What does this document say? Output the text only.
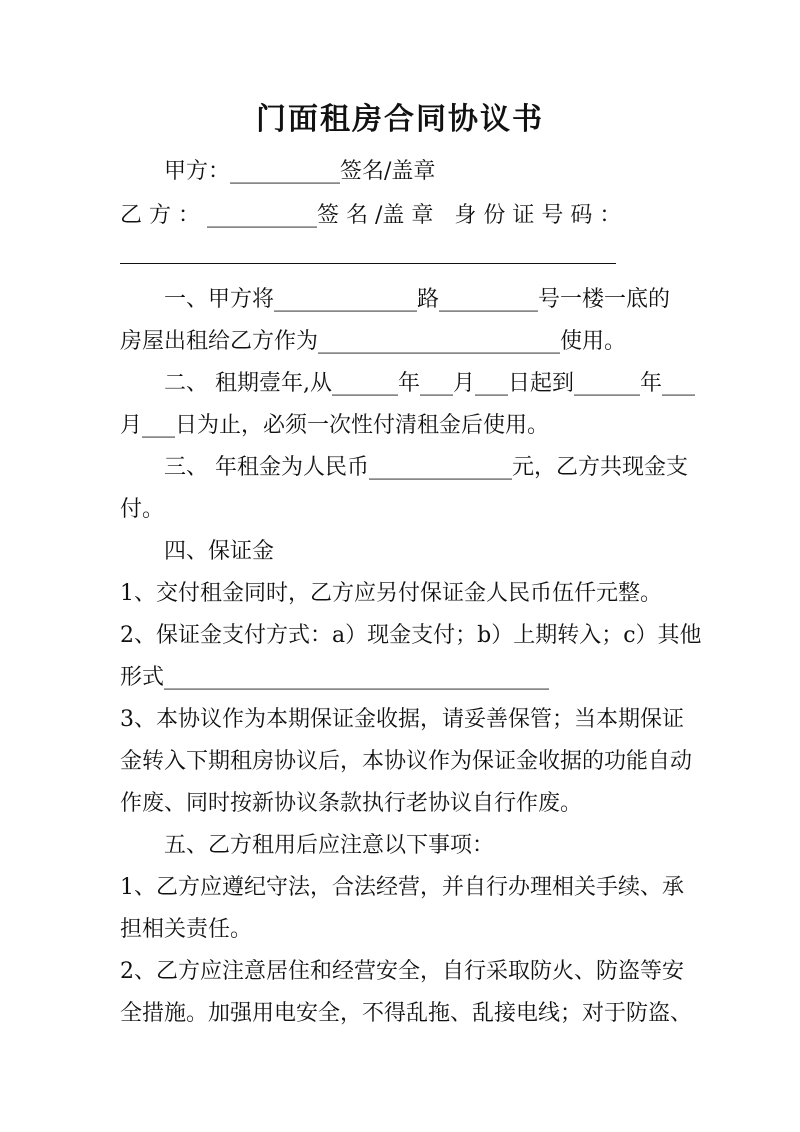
门面租房合同协议书
甲方：__________签名/盖章
乙 方 ： __________签 名 /盖 章   身 份 证 号 码 ：
一、甲方将_____________路_________号一楼一底的
房屋出租给乙方作为______________________使用。
二、 租期壹年,从______年___月___日起到______年___
月___日为止，必须一次性付清租金后使用。
三、 年租金为人民币_____________元，乙方共现金支
付。
四、保证金
1、交付租金同时，乙方应另付保证金人民币伍仟元整。
2、保证金支付方式：a）现金支付；b）上期转入；c）其他
形式___________________________________
3、本协议作为本期保证金收据，请妥善保管；当本期保证
金转入下期租房协议后，本协议作为保证金收据的功能自动
作废、同时按新协议条款执行老协议自行作废。
五、乙方租用后应注意以下事项：
1、乙方应遵纪守法，合法经营，并自行办理相关手续、承
担相关责任。
2、乙方应注意居住和经营安全，自行采取防火、防盗等安
全措施。加强用电安全，不得乱拖、乱接电线；对于防盗、
